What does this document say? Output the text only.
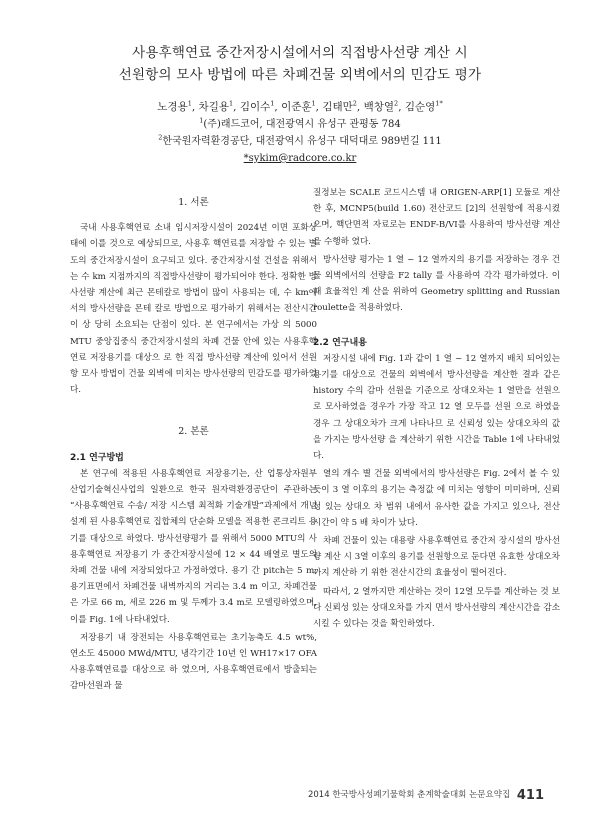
사용후핵연료 중간저장시설에서의 직접방사선량 계산 시
선원항의 모사 방법에 따른 차폐건물 외벽에서의 민감도 평가
노경용$^1$, 차길용$^1$, 김이수$^1$, 이준훈$^1$, 김태만$^2$, 백창열$^2$, 김순영$^{1*}$
$^1$(주)래드코어, 대전광역시 유성구 관평동 784
$^2$한국원자력환경공단, 대전광역시 유성구 대덕대로 989번길 111
*sykim@radcore.co.kr
1. 서론

국내 사용후핵연료 소내 임시저장시설이 2024년 이면 포화상태에 이를 것으로 예상되므로, 사용후 핵연료를 저장할 수 있는 별도의 중간저장시설이 요구되고 있다. 중간저장시설 건설을 위해서는 수 km 지점까지의 직접방사선량이 평가되어야 한다. 정확한 방사선량 계산에 최근 몬테칼로 방법이 많이 사용되는 데, 수 km에서의 방사선량을 몬테 칼로 방법으로 평가하기 위해서는 전산시간이 상 당히 소요되는 단점이 있다. 본 연구에서는 가상 의 5000 MTU 중앙집중식 중간저장시설의 차폐 건물 안에 있는 사용후핵연료 저장용기를 대상으 로 한 직접 방사선량 계산에 있어서 선원항 모사 방법이 건물 외벽에 미치는 방사선량의 민감도를 평가하였다.

2. 본론
2.1 연구방법

본 연구에 적용된 사용후핵연료 저장용기는, 산 업통상자원부 산업기술혁신사업의 일환으로 한국 원자력환경공단이 주관하는 “사용후핵연료 수송/ 저장 시스템 최적화 기술개발”과제에서 개념 설계 된 사용후핵연료 집합체의 단순화 모델을 적용한 콘크리트 용기를 대상으로 하였다. 방사선량평가 를 위해서 5000 MTU의 사용후핵연료 저장용기 가 중간저장시설에 12 × 44 배열로 별도의 차폐 건물 내에 저장되었다고 가정하였다. 용기 간 pitch는 5 m, 용기표면에서 차폐건물 내벽까지의 거리는 3.4 m 이고, 차폐건물은 가로 66 m, 세로 226 m 및 두께가 3.4 m로 모델링하였으며, 이를 Fig. 1에 나타내었다.

저장용기 내 장전되는 사용후핵연료는 초기농축도 4.5 wt%, 연소도 45000 MWd/MTU, 냉각기간 10년 인 WH17×17 OFA 사용후핵연료를 대상으로 하 였으며, 사용후핵연료에서 방출되는 감마선원과 물

질정보는 SCALE 코드시스템 내 ORIGEN-ARP[1] 모듈로 계산한 후, MCNP5(build 1.60) 전산코드 [2]의 선원항에 적용시켰으며, 핵단면적 자료로는 ENDF-B/VI를 사용하여 방사선량 계산을 수행하 였다.

방사선량 평가는 1 열 ~ 12 열까지의 용기를 저장하는 경우 건물 외벽에서의 선량을 F2 tally 를 사용하여 각각 평가하였다. 이때 효율적인 계 산을 위하여 Geometry splitting and Russian roulette을 적용하였다.

2.2 연구내용

저장시설 내에 Fig. 1과 같이 1 열 ~ 12 열까지 배치 되어있는 용기를 대상으로 건물의 외벽에서 방사선량을 계산한 결과 같은 history 수의 감마 선원을 기준으로 상대오차는 1 열만을 선원으로 모사하였을 경우가 가장 작고 12 열 모두를 선원 으로 하였을 경우 그 상대오차가 크게 나타나므 로 신뢰성 있는 상대오차의 값을 가지는 방사선량 을 계산하기 위한 시간을 Table 1에 나타내었다.

열의 개수 별 건물 외벽에서의 방사선량은 Fig. 2에서 볼 수 있듯이 3 열 이후의 용기는 측정값 에 미치는 영향이 미미하며, 신뢰성 있는 상대오 차 범위 내에서 유사한 값을 가지고 있으나, 전산 시간이 약 5 배 차이가 났다.

차폐 건물이 있는 대용량 사용후핵연료 중간저 장시설의 방사선량 계산 시 3열 이후의 용기를 선원항으로 둔다면 유효한 상대오차까지 계산하 기 위한 전산시간의 효율성이 떨어진다.

따라서, 2 열까지만 계산하는 것이 12열 모두를 계산하는 것 보다 신뢰성 있는 상대오차를 가지 면서 방사선량의 계산시간을 감소시킬 수 있다는 것을 확인하였다.

2014 한국방사성폐기물학회 춘계학술대회 논문요약집 411
